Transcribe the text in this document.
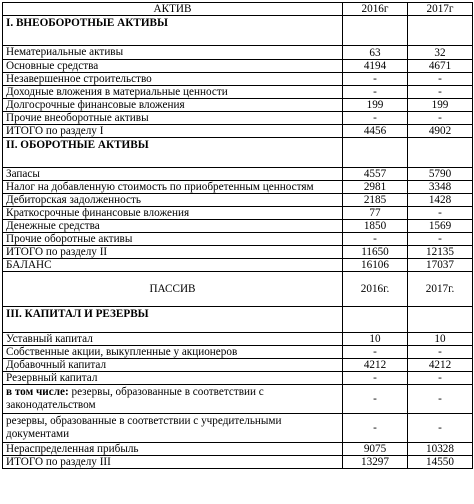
АКТИВ	2016г	2017г
I. ВНЕОБОРОТНЫЕ АКТИВЫ		
Нематериальные активы	63	32
Основные средства	4194	4671
Незавершенное строительство	-	-
Доходные вложения в материальные ценности	-	-
Долгосрочные финансовые вложения	199	199
Прочие внеоборотные активы	-	-
ИТОГО по разделу I	4456	4902
II. ОБОРОТНЫЕ АКТИВЫ		
Запасы	4557	5790
Налог на добавленную стоимость по приобретенным ценностям	2981	3348
Дебиторская задолженность	2185	1428
Краткосрочные финансовые вложения	77	-
Денежные средства	1850	1569
Прочие оборотные активы	-	-
ИТОГО по разделу II	11650	12135
БАЛАНС	16106	17037
ПАССИВ	2016г.	2017г.
III. КАПИТАЛ И РЕЗЕРВЫ		
Уставный капитал	10	10
Собственные акции, выкупленные у акционеров	-	-
Добавочный капитал	4212	4212
Резервный капитал	-	-
в том числе: резервы, образованные в соответствии с законодательством	-	-
резервы, образованные в соответствии с учредительными документами	-	-
Нераспределенная прибыль	9075	10328
ИТОГО по разделу III	13297	14550
